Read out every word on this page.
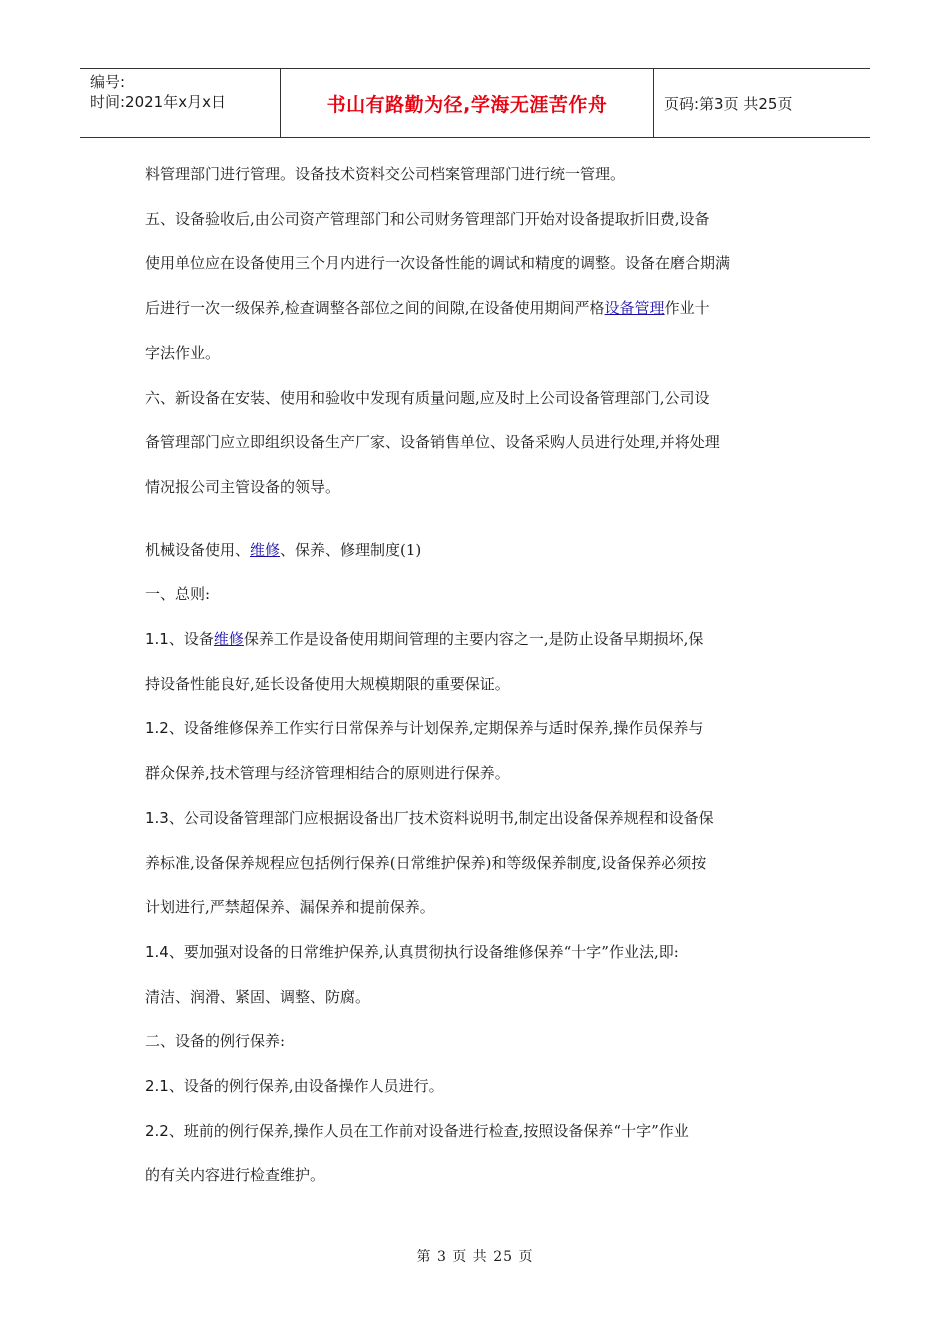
编号:
时间:2021年x月x日	书山有路勤为径,学海无涯苦作舟	页码:第3页 共25页
料管理部门进行管理。设备技术资料交公司档案管理部门进行统一管理。
五、设备验收后,由公司资产管理部门和公司财务管理部门开始对设备提取折旧费,设备
使用单位应在设备使用三个月内进行一次设备性能的调试和精度的调整。设备在磨合期满
后进行一次一级保养,检查调整各部位之间的间隙,在设备使用期间严格设备管理作业十
字法作业。
六、新设备在安装、使用和验收中发现有质量问题,应及时上公司设备管理部门,公司设
备管理部门应立即组织设备生产厂家、设备销售单位、设备采购人员进行处理,并将处理
情况报公司主管设备的领导。
机械设备使用、维修、保养、修理制度(1)
一、总则:
1.1、设备维修保养工作是设备使用期间管理的主要内容之一,是防止设备早期损坏,保
持设备性能良好,延长设备使用大规模期限的重要保证。
1.2、设备维修保养工作实行日常保养与计划保养,定期保养与适时保养,操作员保养与
群众保养,技术管理与经济管理相结合的原则进行保养。
1.3、公司设备管理部门应根据设备出厂技术资料说明书,制定出设备保养规程和设备保
养标准,设备保养规程应包括例行保养(日常维护保养)和等级保养制度,设备保养必须按
计划进行,严禁超保养、漏保养和提前保养。
1.4、要加强对设备的日常维护保养,认真贯彻执行设备维修保养“十字”作业法,即:
清洁、润滑、紧固、调整、防腐。
二、设备的例行保养:
2.1、设备的例行保养,由设备操作人员进行。
2.2、班前的例行保养,操作人员在工作前对设备进行检查,按照设备保养“十字”作业
的有关内容进行检查维护。
第 3 页 共 25 页
